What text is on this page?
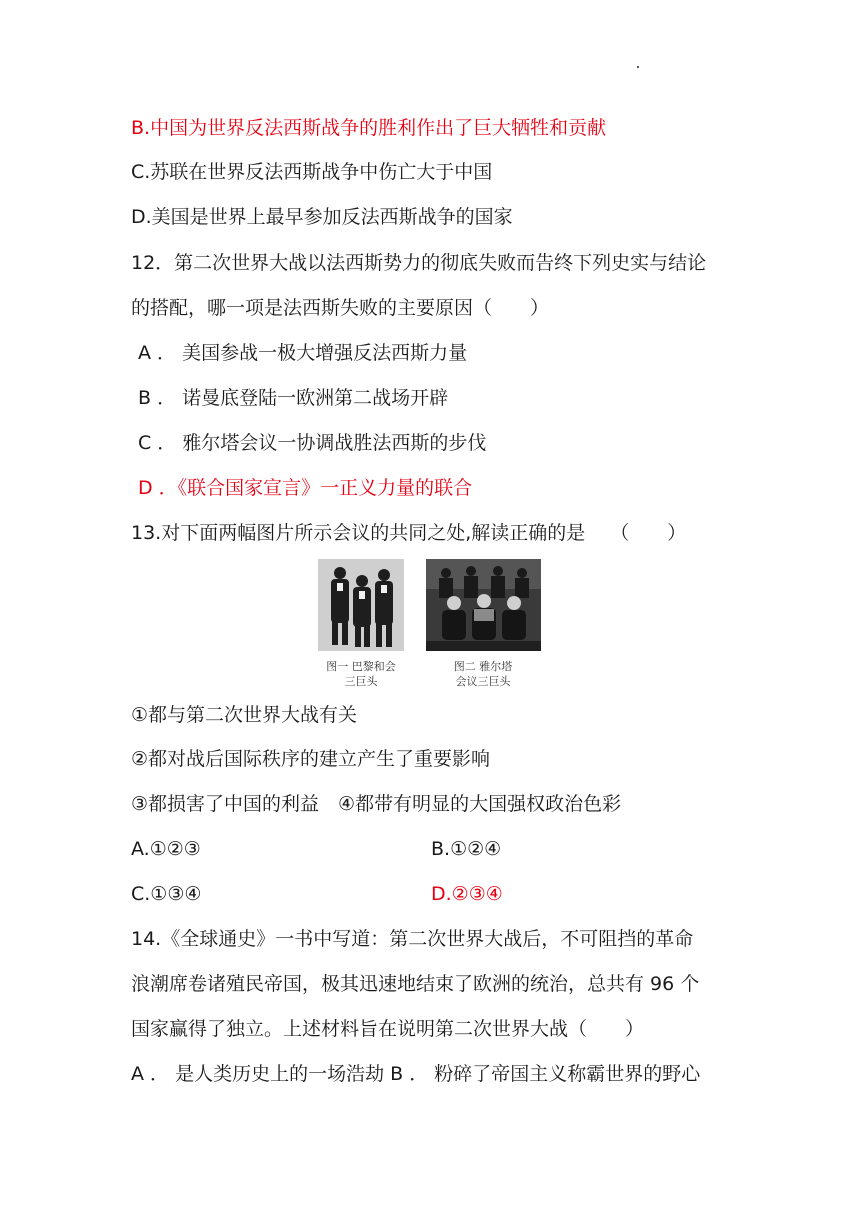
B.中国为世界反法西斯战争的胜利作出了巨大牺牲和贡献
C.苏联在世界反法西斯战争中伤亡大于中国
D.美国是世界上最早参加反法西斯战争的国家
12．第二次世界大战以法西斯势力的彻底失败而告终下列史实与结论
的搭配，哪一项是法西斯失败的主要原因（　　）
A ． 美国参战一极大增强反法西斯力量
B ． 诺曼底登陆一欧洲第二战场开辟
C ． 雅尔塔会议一协调战胜法西斯的步伐
D ．《联合国家宣言》一正义力量的联合
13.对下面两幅图片所示会议的共同之处,解读正确的是　 （　　）
图一 巴黎和会
三巨头
图二 雅尔塔
会议三巨头
①都与第二次世界大战有关
②都对战后国际秩序的建立产生了重要影响
③都损害了中国的利益　④都带有明显的大国强权政治色彩
A.①②③	B.①②④
C.①③④	D.②③④
14.《全球通史》一书中写道：第二次世界大战后，不可阻挡的革命
浪潮席卷诸殖民帝国，极其迅速地结束了欧洲的统治，总共有 96 个
国家赢得了独立。上述材料旨在说明第二次世界大战（　　）
A ． 是人类历史上的一场浩劫 B ． 粉碎了帝国主义称霸世界的野心
